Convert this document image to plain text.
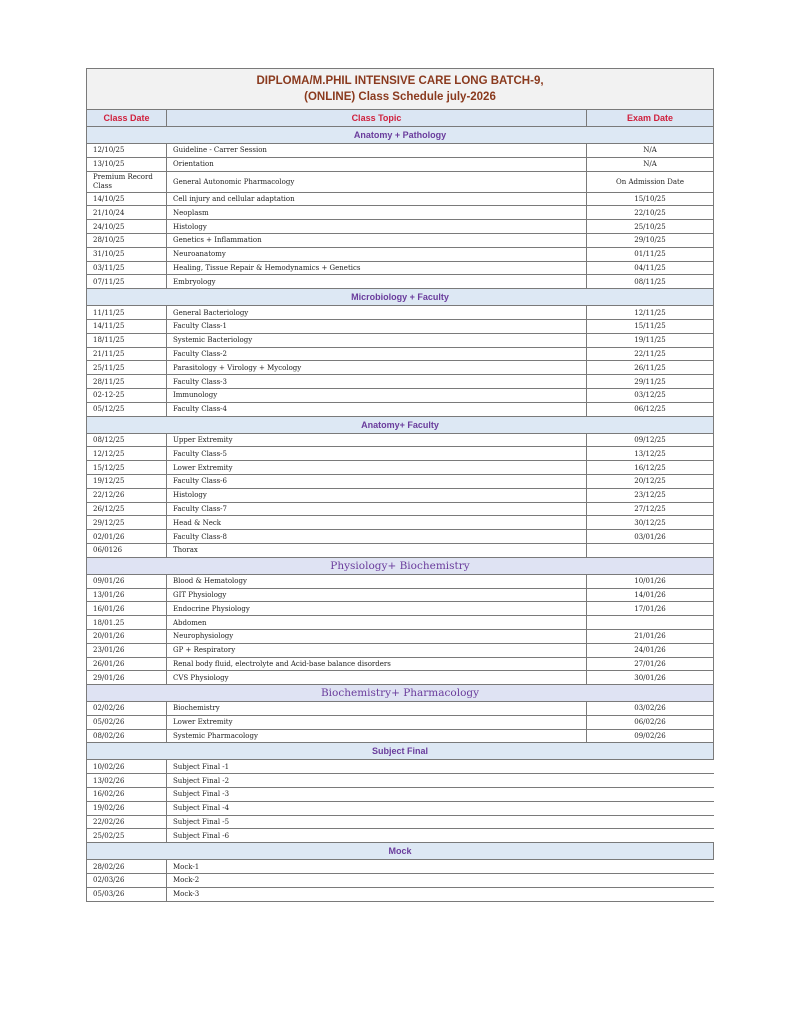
DIPLOMA/M.PHIL INTENSIVE CARE LONG BATCH-9,
(ONLINE) Class Schedule july-2026		

Class Date	Class Topic	Exam Date
Anatomy + Pathology		
12/10/25	Guideline - Carrer Session	N/A
13/10/25	Orientation	N/A
Premium Record Class	General Autonomic Pharmacology	On Admission Date
14/10/25	Cell injury and cellular adaptation	15/10/25
21/10/24	Neoplasm	22/10/25
24/10/25	Histology	25/10/25
28/10/25	Genetics + Inflammation	29/10/25
31/10/25	Neuroanatomy	01/11/25
03/11/25	Healing, Tissue Repair & Hemodynamics + Genetics	04/11/25
07/11/25	Embryology	08/11/25
Microbiology + Faculty		
11/11/25	General Bacteriology	12/11/25
14/11/25	Faculty Class-1	15/11/25
18/11/25	Systemic Bacteriology	19/11/25
21/11/25	Faculty Class-2	22/11/25
25/11/25	Parasitology + Virology + Mycology	26/11/25
28/11/25	Faculty Class-3	29/11/25
02-12-25	Immunology	03/12/25
05/12/25	Faculty Class-4	06/12/25
Anatomy+ Faculty		
08/12/25	Upper Extremity	09/12/25
12/12/25	Faculty Class-5	13/12/25
15/12/25	Lower Extremity	16/12/25
19/12/25	Faculty Class-6	20/12/25
22/12/26	Histology	23/12/25
26/12/25	Faculty Class-7	27/12/25
29/12/25	Head & Neck	30/12/25
02/01/26	Faculty Class-8	03/01/26
06/0126	Thorax	
Physiology+ Biochemistry		
09/01/26	Blood & Hematology	10/01/26
13/01/26	GIT Physiology	14/01/26
16/01/26	Endocrine Physiology	17/01/26
18/01.25	Abdomen	
20/01/26	Neurophysiology	21/01/26
23/01/26	GP + Respiratory	24/01/26
26/01/26	Renal body fluid, electrolyte and Acid-base balance disorders	27/01/26
29/01/26	CVS Physiology	30/01/26
Biochemistry+ Pharmacology		
02/02/26	Biochemistry	03/02/26
05/02/26	Lower Extremity	06/02/26
08/02/26	Systemic Pharmacology	09/02/26
Subject Final		
10/02/26	Subject Final -1	
13/02/26	Subject Final -2	
16/02/26	Subject Final -3	
19/02/26	Subject Final -4	
22/02/26	Subject Final -5	
25/02/25	Subject Final -6	
Mock		
28/02/26	Mock-1	
02/03/26	Mock-2	
05/03/26	Mock-3	
